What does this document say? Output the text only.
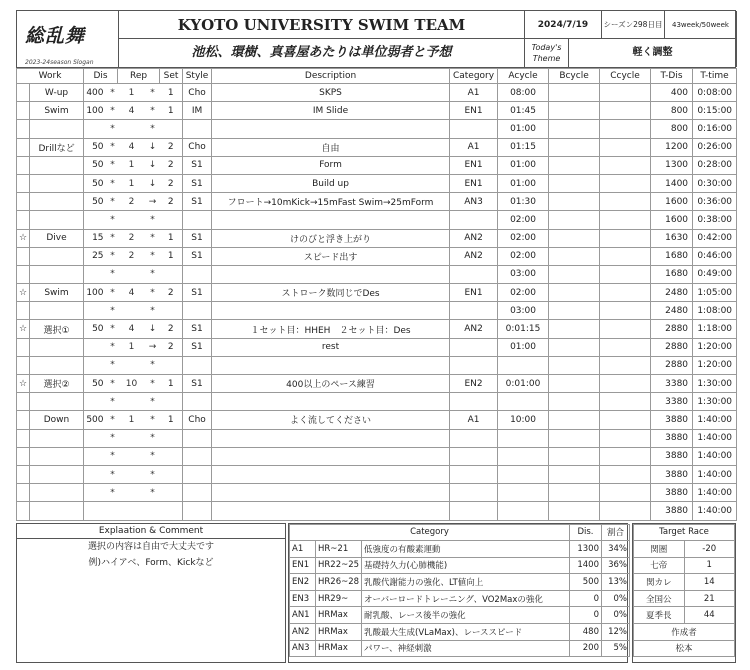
総乱舞
2023-24season Slogan
KYOTO UNIVERSITY SWIM TEAM	2024/7/19	シーズン298日目	43week/50week
池松、環樹、真喜屋あたりは単位弱者と予想	Today's Theme
軽く調整
Work		Dis		Rep		Set	Style	Description	Category	Acycle	Bcycle	Ccycle	T-Dis	T-time
	W-up	400	*	1	*	1	Cho	SKPS	A1	08:00			400	0:08:00
	Swim	100	*	4	*	1	IM	IM Slide	EN1	01:45			800	0:15:00
			*		*					01:00			800	0:16:00
	Drillなど	50	*	4	↓	2	Cho	自由	A1	01:15			1200	0:26:00
		50	*	1	↓	2	S1	Form	EN1	01:00			1300	0:28:00
		50	*	1	↓	2	S1	Build up	EN1	01:00			1400	0:30:00
		50	*	2	→	2	S1	フロート→10mKick→15mFast Swim→25mForm	AN3	01:30			1600	0:36:00
			*		*					02:00			1600	0:38:00
☆	Dive	15	*	2	*	1	S1	けのびと浮き上がり	AN2	02:00			1630	0:42:00
		25	*	2	*	1	S1	スピード出す	AN2	02:00			1680	0:46:00
			*		*					03:00			1680	0:49:00
☆	Swim	100	*	4	*	2	S1	ストローク数同じでDes	EN1	02:00			2480	1:05:00
			*		*					03:00			2480	1:08:00
☆	選択①	50	*	4	↓	2	S1	１セット目：HHEH　２セット目：Des	AN2	0:01:15			2880	1:18:00
			*	1	→	2	S1	rest		01:00			2880	1:20:00
			*		*								2880	1:20:00
☆	選択②	50	*	10	*	1	S1	400以上のペース練習	EN2	0:01:00			3380	1:30:00
			*		*								3380	1:30:00
	Down	500	*	1	*	1	Cho	よく流してください	A1	10:00			3880	1:40:00
			*		*								3880	1:40:00
			*		*								3880	1:40:00
			*		*								3880	1:40:00
			*		*								3880	1:40:00
													3880	1:40:00
Explaation & Comment
選択の内容は自由で大丈夫です
例)ハイアベ、Form、Kickなど
Category			Dis.	割合
A1	HR~21	低強度の有酸素運動	1300	34%
EN1	HR22~25	基礎持久力(心肺機能)	1400	36%
EN2	HR26~28	乳酸代謝能力の強化、LT値向上	500	13%
EN3	HR29~	オーバーロードトレーニング、VO2Maxの強化	0	0%
AN1	HRMax	耐乳酸、レース後半の強化	0	0%
AN2	HRMax	乳酸最大生成(VLaMax)、レーススピード	480	12%
AN3	HRMax	パワー、神経刺激	200	5%
Target Race	
関圏	-20
七帝	1
関カレ	14
全国公	21
夏季長	44
作成者	
松本	
